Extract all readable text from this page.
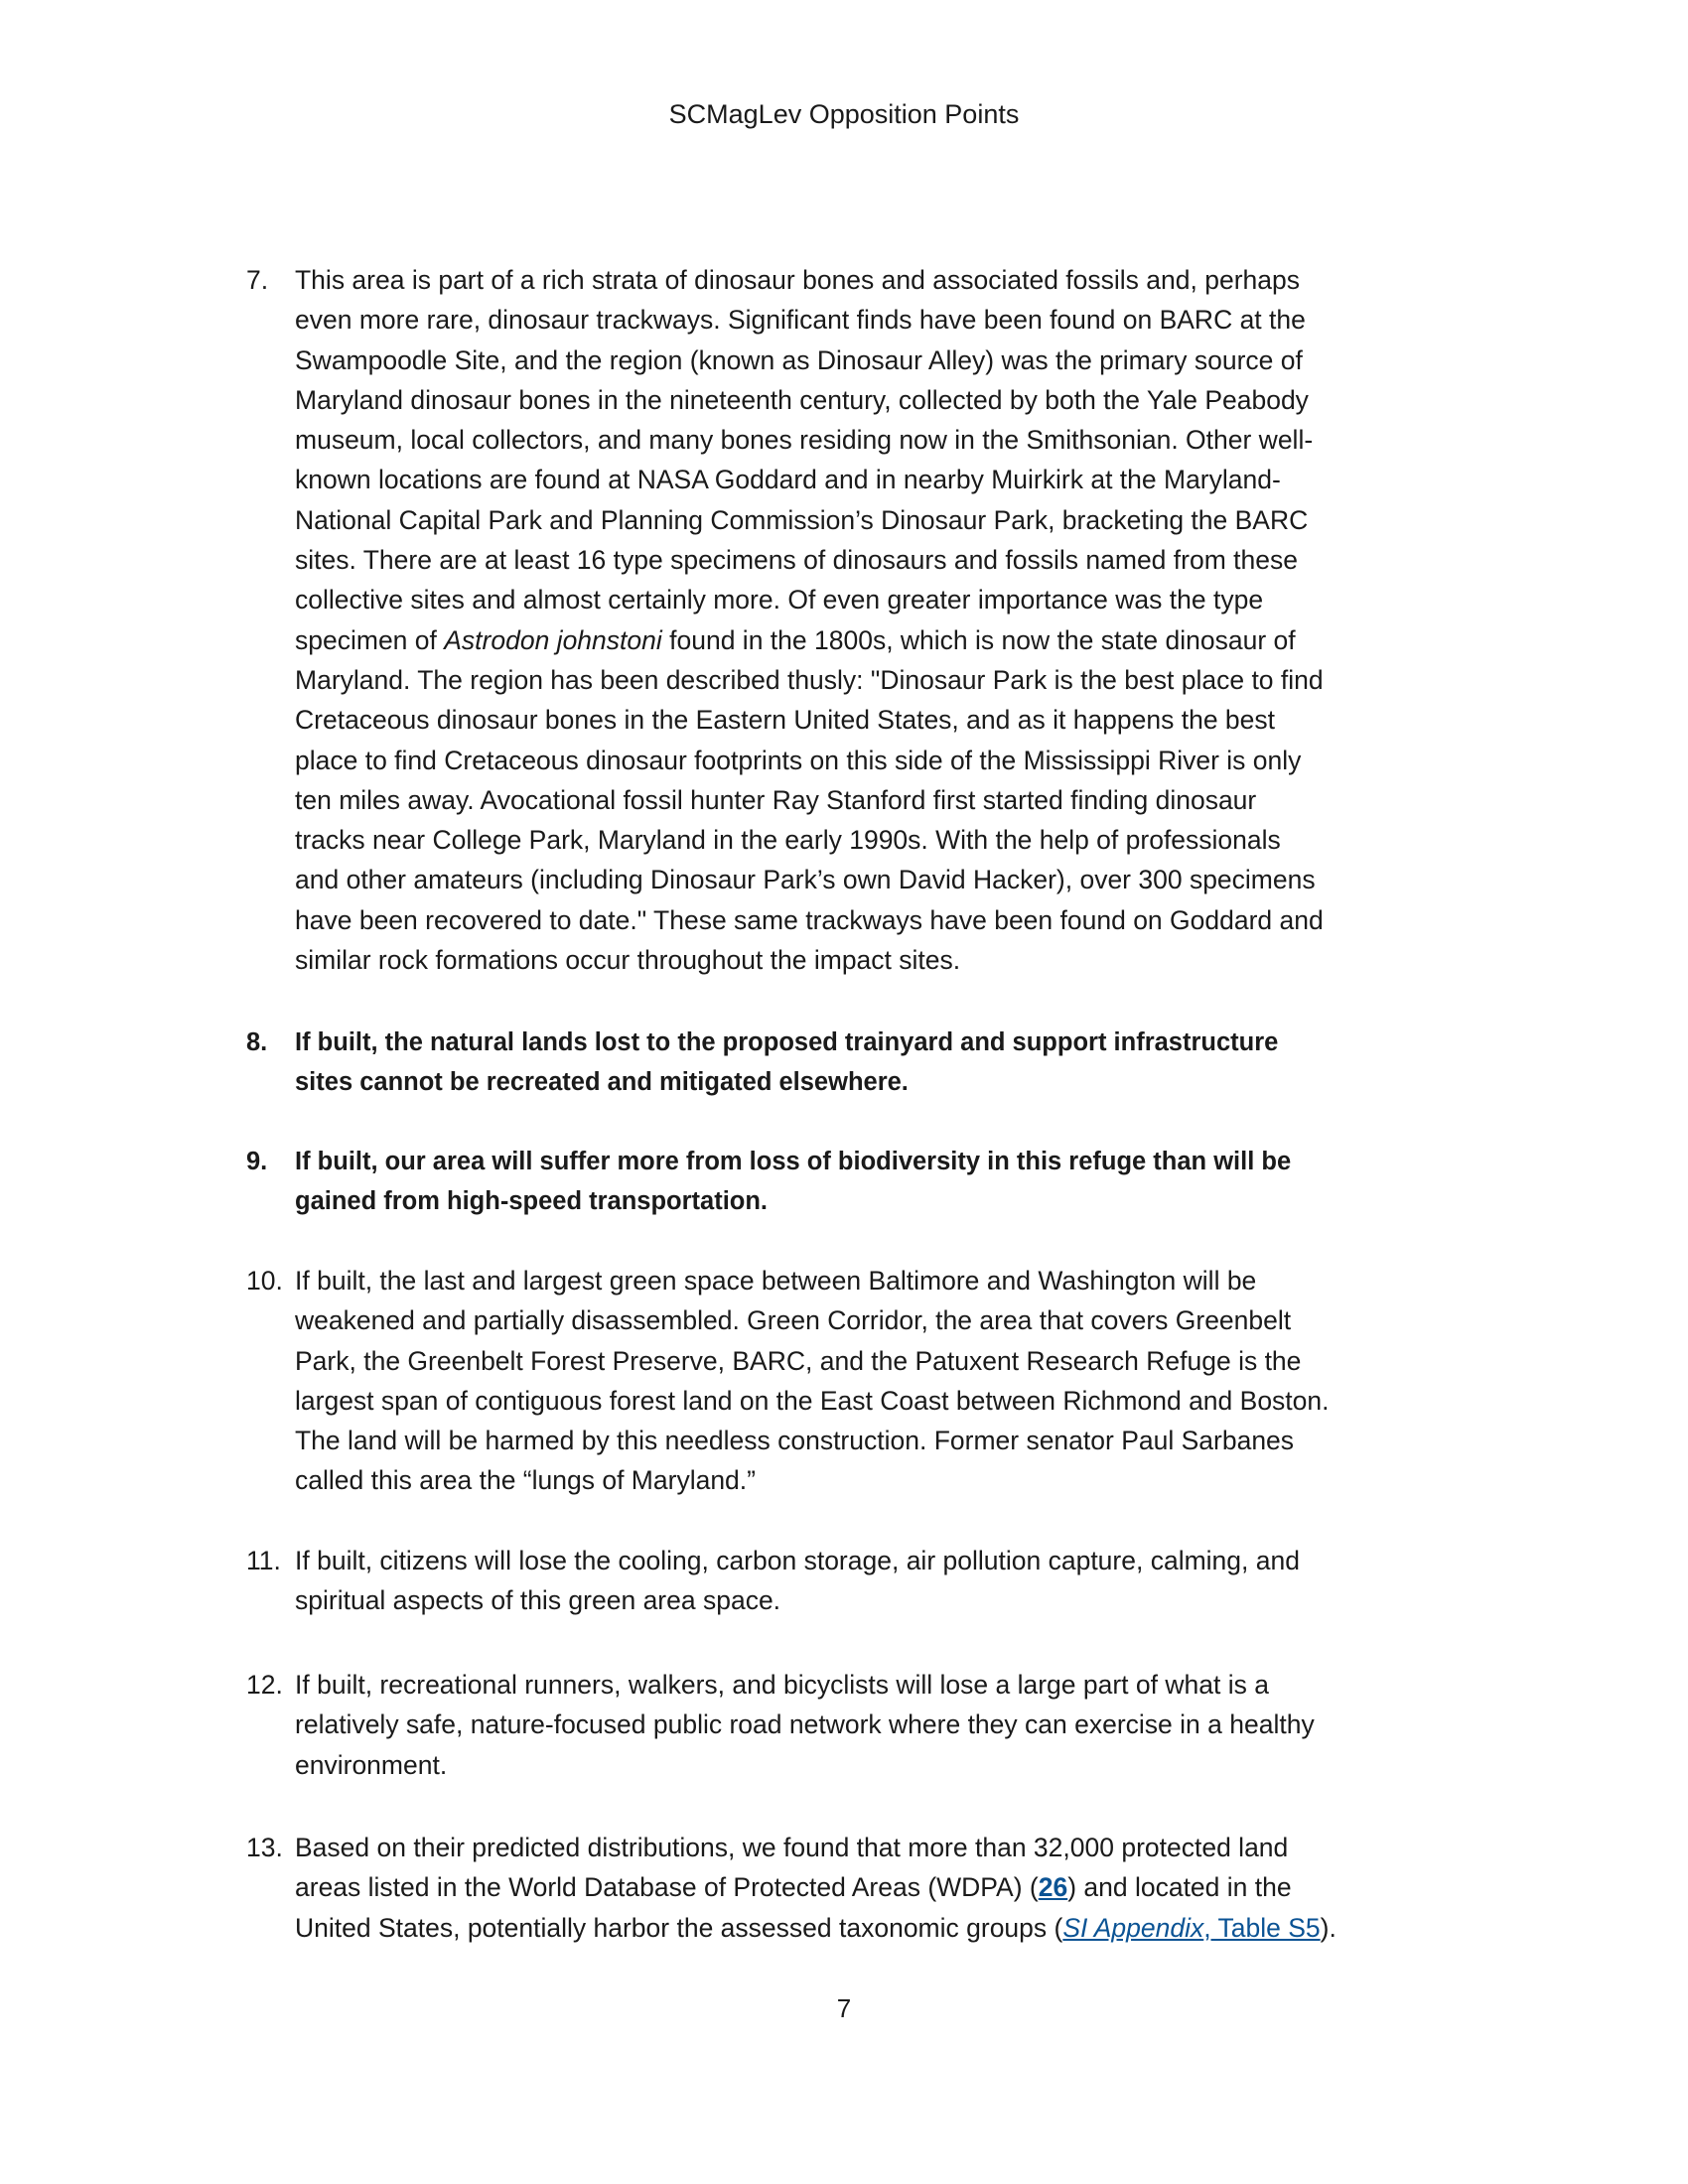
SCMagLev Opposition Points
7. This area is part of a rich strata of dinosaur bones and associated fossils and, perhaps
even more rare, dinosaur trackways. Significant finds have been found on BARC at the
Swampoodle Site, and the region (known as Dinosaur Alley) was the primary source of
Maryland dinosaur bones in the nineteenth century, collected by both the Yale Peabody
museum, local collectors, and many bones residing now in the Smithsonian. Other well-
known locations are found at NASA Goddard and in nearby Muirkirk at the Maryland-
National Capital Park and Planning Commission’s Dinosaur Park, bracketing the BARC
sites. There are at least 16 type specimens of dinosaurs and fossils named from these
collective sites and almost certainly more. Of even greater importance was the type
specimen of Astrodon johnstoni found in the 1800s, which is now the state dinosaur of
Maryland. The region has been described thusly: "Dinosaur Park is the best place to find
Cretaceous dinosaur bones in the Eastern United States, and as it happens the best
place to find Cretaceous dinosaur footprints on this side of the Mississippi River is only
ten miles away. Avocational fossil hunter Ray Stanford first started finding dinosaur
tracks near College Park, Maryland in the early 1990s. With the help of professionals
and other amateurs (including Dinosaur Park’s own David Hacker), over 300 specimens
have been recovered to date." These same trackways have been found on Goddard and
similar rock formations occur throughout the impact sites.
8. If built, the natural lands lost to the proposed trainyard and support infrastructure
sites cannot be recreated and mitigated elsewhere.
9. If built, our area will suffer more from loss of biodiversity in this refuge than will be
gained from high-speed transportation.
10. If built, the last and largest green space between Baltimore and Washington will be
weakened and partially disassembled. Green Corridor, the area that covers Greenbelt
Park, the Greenbelt Forest Preserve, BARC, and the Patuxent Research Refuge is the
largest span of contiguous forest land on the East Coast between Richmond and Boston.
The land will be harmed by this needless construction. Former senator Paul Sarbanes
called this area the “lungs of Maryland.”
11. If built, citizens will lose the cooling, carbon storage, air pollution capture, calming, and
spiritual aspects of this green area space.
12. If built, recreational runners, walkers, and bicyclists will lose a large part of what is a
relatively safe, nature-focused public road network where they can exercise in a healthy
environment.
13. Based on their predicted distributions, we found that more than 32,000 protected land
areas listed in the World Database of Protected Areas (WDPA) (26) and located in the
United States, potentially harbor the assessed taxonomic groups (SI Appendix, Table S5).
7
